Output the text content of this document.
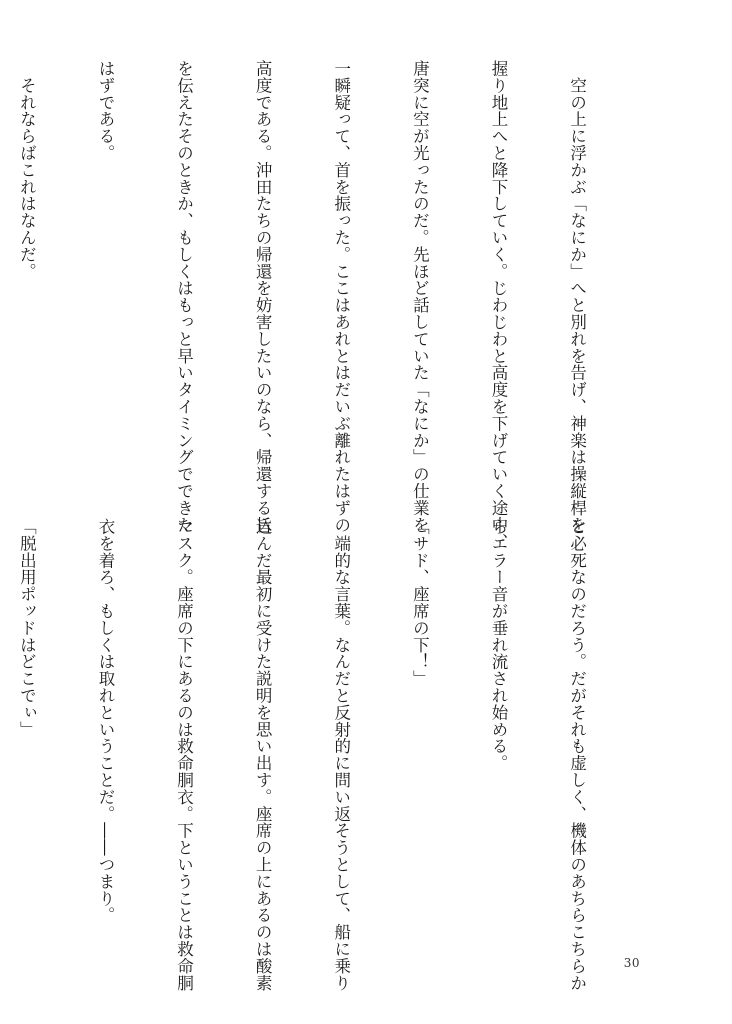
　空の上に浮かぶ「なにか」へと別れを告げ、神楽は操縦桿を

握り地上へと降下していく。じわじわと高度を下げていく途中、

唐突に空が光ったのだ。先ほど話していた「なにか」の仕業を

一瞬疑って、首を振った。ここはあれとはだいぶ離れたはずの

高度である。沖田たちの帰還を妨害したいのなら、帰還する旨

を伝えたそのときか、もしくはもっと早いタイミングでできた

はずである。

　それならばこれはなんだ。

と必死なのだろう。だがそれも虚しく、機体のあちらこちらか

らエラー音が垂れ流され始める。

「サド、座席の下！」

　端的な言葉。なんだと反射的に問い返そうとして、船に乗り

込んだ最初に受けた説明を思い出す。座席の上にあるのは酸素

マスク。座席の下にあるのは救命胴衣。下ということは救命胴

衣を着ろ、もしくは取れということだ。――つまり。

「脱出用ポッドはどこでぃ」

30
